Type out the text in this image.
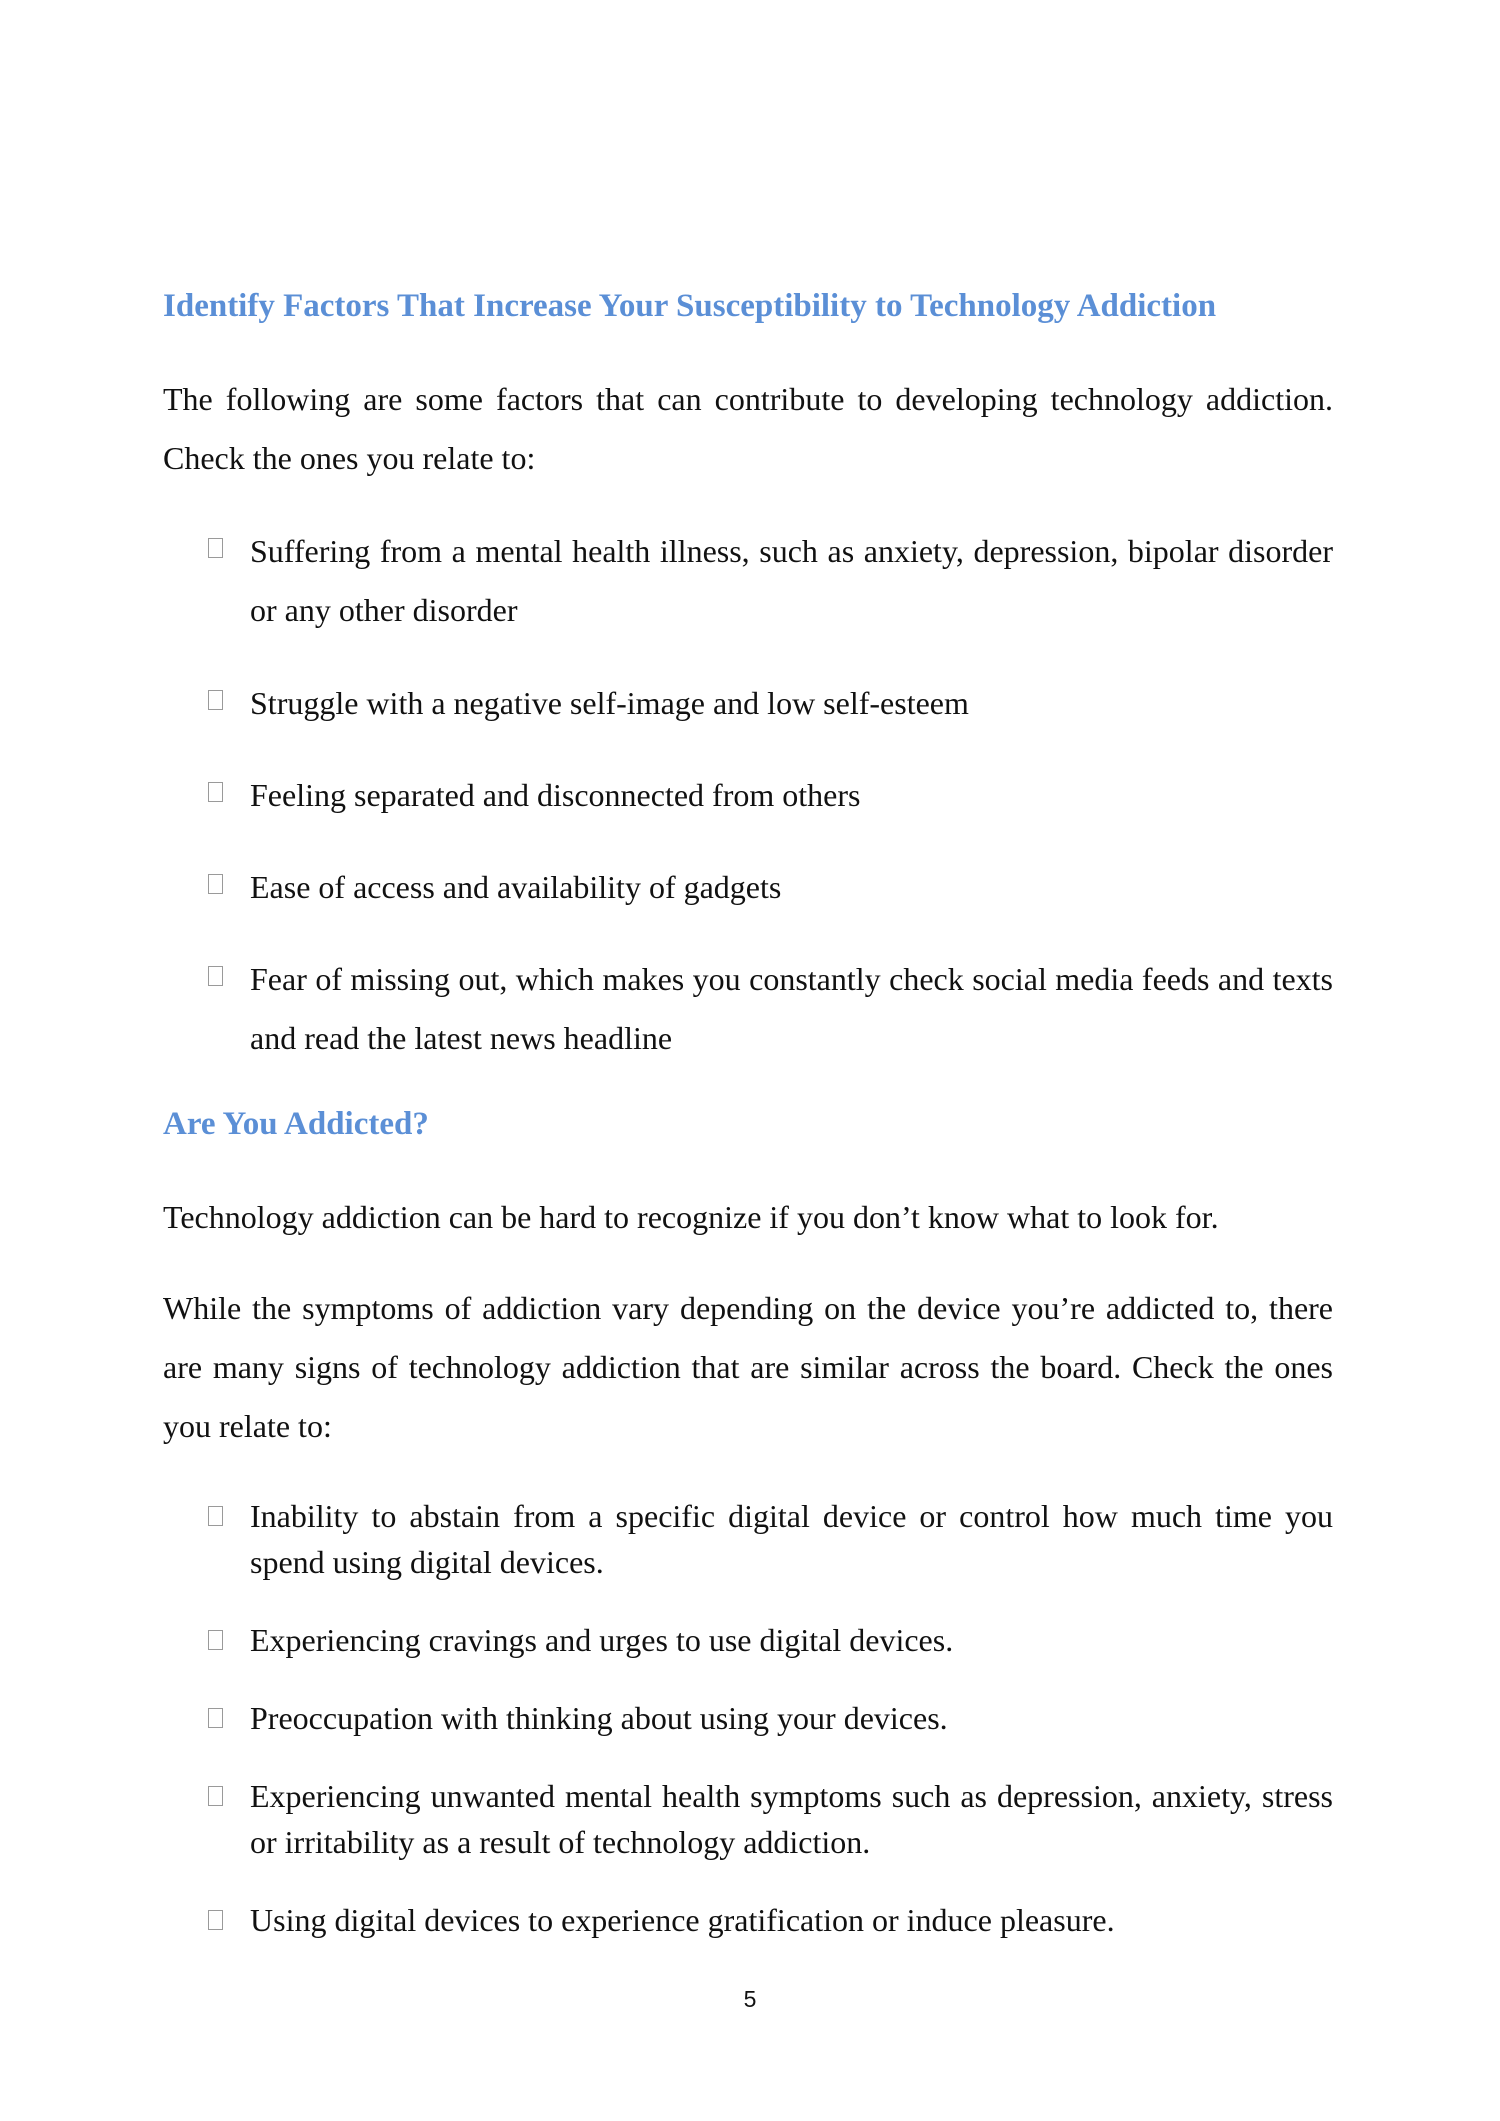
Identify Factors That Increase Your Susceptibility to Technology Addiction
The following are some factors that can contribute to developing technology addiction. Check the ones you relate to:
Suffering from a mental health illness, such as anxiety, depression, bipolar disorder or any other disorder
Struggle with a negative self-image and low self-esteem
Feeling separated and disconnected from others
Ease of access and availability of gadgets
Fear of missing out, which makes you constantly check social media feeds and texts and read the latest news headline
Are You Addicted?
Technology addiction can be hard to recognize if you don’t know what to look for.
While the symptoms of addiction vary depending on the device you’re addicted to, there are many signs of technology addiction that are similar across the board. Check the ones you relate to:
Inability to abstain from a specific digital device or control how much time you spend using digital devices.
Experiencing cravings and urges to use digital devices.
Preoccupation with thinking about using your devices.
Experiencing unwanted mental health symptoms such as depression, anxiety, stress or irritability as a result of technology addiction.
Using digital devices to experience gratification or induce pleasure.
5
